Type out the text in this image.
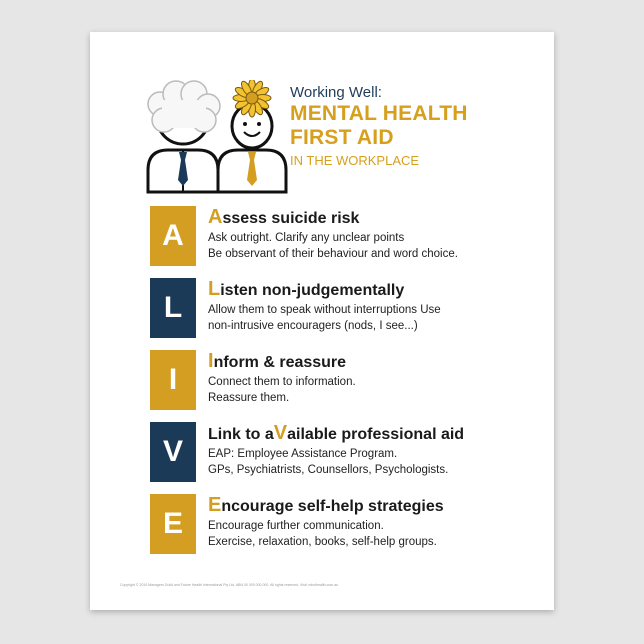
Working Well:
MENTAL HEALTH
FIRST AID
IN THE WORKPLACE
A
Assess suicide risk
Ask outright. Clarify any unclear points
Be observant of their behaviour and word choice.
L
Listen non-judgementally
Allow them to speak without interruptions Use
non-intrusive encouragers (nods, I see...)
I
Inform & reassure
Connect them to information.
Reassure them.
V
Link to aVailable professional aid
EAP: Employee Assistance Program.
GPs, Psychiatrists, Counsellors, Psychologists.
E
Encourage self-help strategies
Encourage further communication.
Exercise, relaxation, books, self-help groups.
Copyright © 2019 Managers Guild and Future Health International Pty Ltd. ABN 00 000 000 000. All rights reserved. Visit: mindhealth.com.au
